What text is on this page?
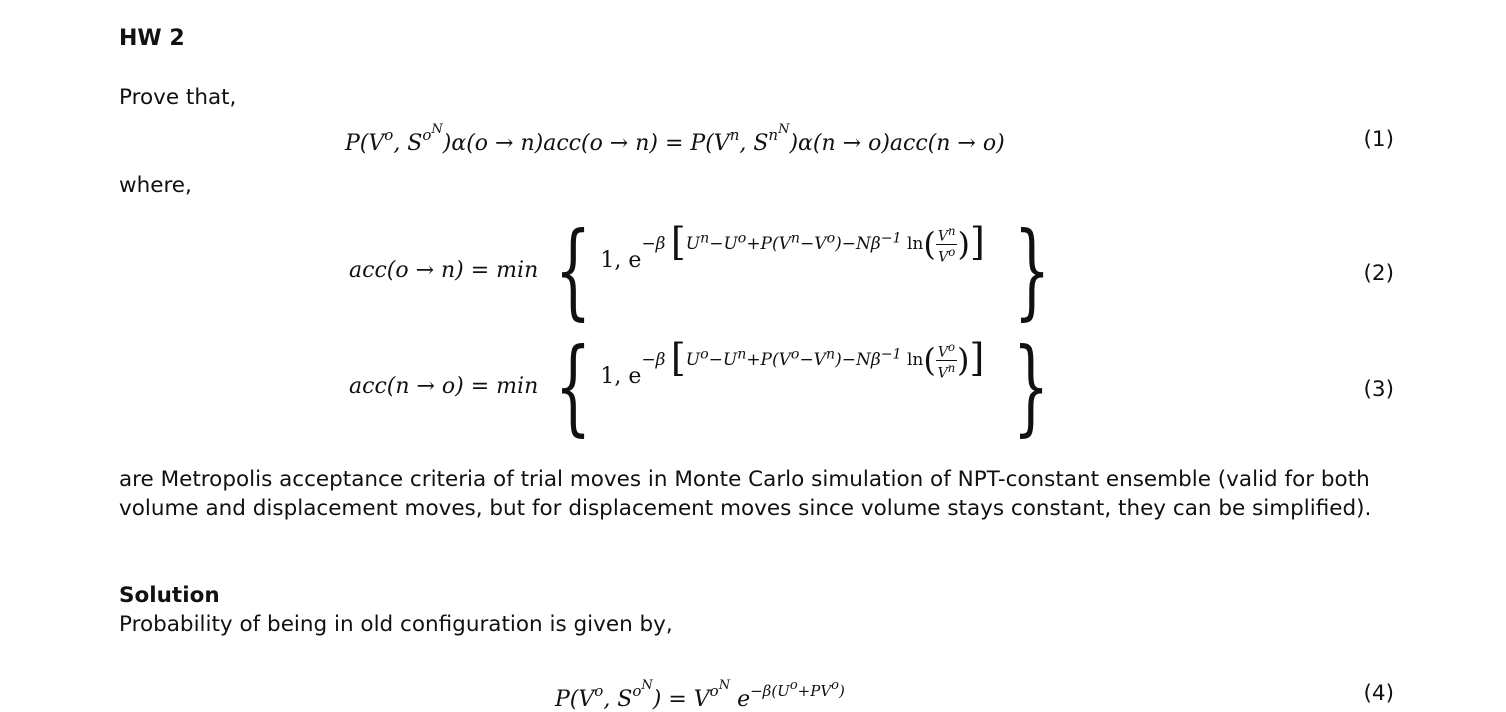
HW 2
Prove that,
$P(V^o$, $S^{oN})\alpha(o \to n)acc(o \to n) = P(V^n$, $S^{nN})\alpha(n \to o)acc(n \to o)$	(1)
where,
acc(o → n) = min { 1, e
−β [$U^n-U^o+P(V^n-V^o)-N\beta^{-1}$ $\ln( \frac{V^n}{V^o}$ )] }	(2)
acc(n → o) = min { 1, e
−β [$U^o-U^n+P(V^o-V^n)-N\beta^{-1}$ $\ln( \frac{V^o}{V^n}$ )] }	(3)
are Metropolis acceptance criteria of trial moves in Monte Carlo simulation of NPT-constant ensemble (valid for both volume and displacement moves, but for displacement moves since volume stays constant, they can be simplified).
Solution
Probability of being in old configuration is given by,
$P(V^o$, $S^{oN}) = V^{oN}$ $e^{-\beta(Uo+PVo)}$	(4)
